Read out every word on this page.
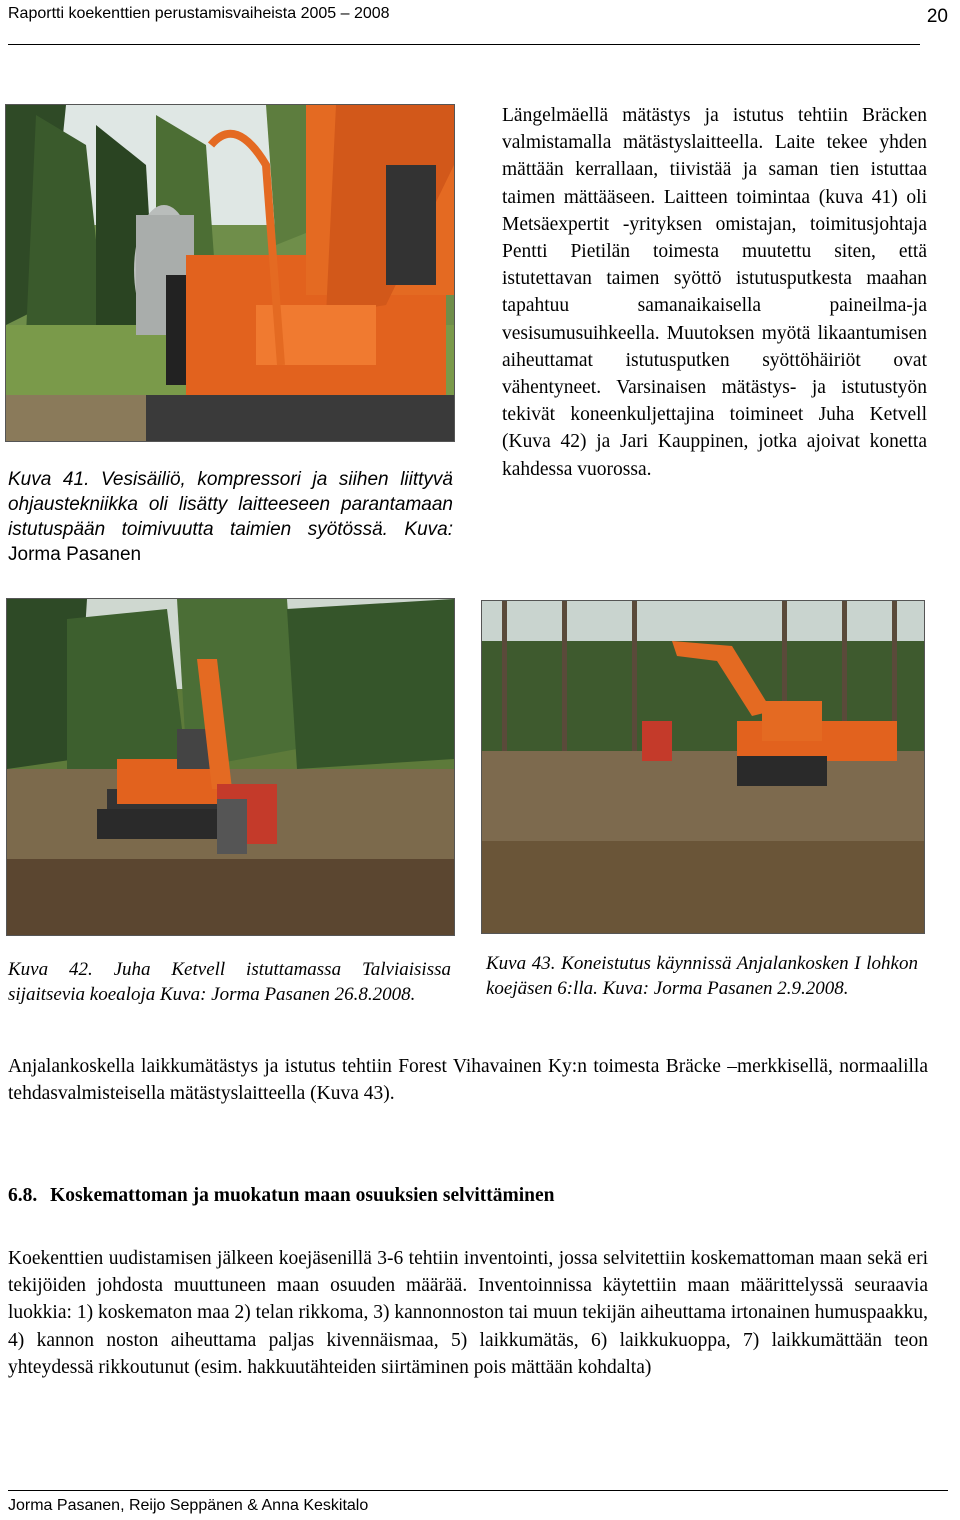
Raportti koekenttien perustamisvaiheista 2005 – 2008	20
Kuva 41. Vesisäiliö, kompressori ja siihen liittyvä ohjaustekniikka oli lisätty laitteeseen parantamaan istutuspään toimivuutta taimien syötössä. Kuva: Jorma Pasanen
Längelmäellä mätästys ja istutus tehtiin Bräcken valmistamalla mätästyslaitteella. Laite tekee yhden mättään kerrallaan, tiivistää ja saman tien istuttaa taimen mättääseen. Laitteen toimintaa (kuva 41) oli Metsäexpertit -yrityksen omistajan, toimitusjohtaja Pentti Pietilän toimesta muutettu siten, että istutettavan taimen syöttö istutusputkesta maahan tapahtuu samanaikaisella paineilma-ja vesisumusuihkeella. Muutoksen myötä likaantumisen aiheuttamat istutusputken syöttöhäiriöt ovat vähentyneet. Varsinaisen mätästys- ja istutustyön tekivät koneenkuljettajina toimineet Juha Ketvell (Kuva 42) ja Jari Kauppinen, jotka ajoivat konetta kahdessa vuorossa.
Kuva 42. Juha Ketvell istuttamassa Talviaisissa sijaitsevia koealoja Kuva: Jorma Pasanen 26.8.2008.
Kuva 43. Koneistutus käynnissä Anjalankosken I lohkon koejäsen 6:lla. Kuva: Jorma Pasanen 2.9.2008.
Anjalankoskella laikkumätästys ja istutus tehtiin Forest Vihavainen Ky:n toimesta Bräcke –merkkisellä, normaalilla tehdasvalmisteisella mätästyslaitteella (Kuva 43).
6.8. Koskemattoman ja muokatun maan osuuksien selvittäminen
Koekenttien uudistamisen jälkeen koejäsenillä 3-6 tehtiin inventointi, jossa selvitettiin koskemattoman maan sekä eri tekijöiden johdosta muuttuneen maan osuuden määrää. Inventoinnissa käytettiin maan määrittelyssä seuraavia luokkia: 1) koskematon maa 2) telan rikkoma, 3) kannonnoston tai muun tekijän aiheuttama irtonainen humuspaakku, 4) kannon noston aiheuttama paljas kivennäismaa, 5) laikkumätäs, 6) laikkukuoppa, 7) laikkumättään teon yhteydessä rikkoutunut (esim. hakkuutähteiden siirtäminen pois mättään kohdalta)
Jorma Pasanen, Reijo Seppänen & Anna Keskitalo
